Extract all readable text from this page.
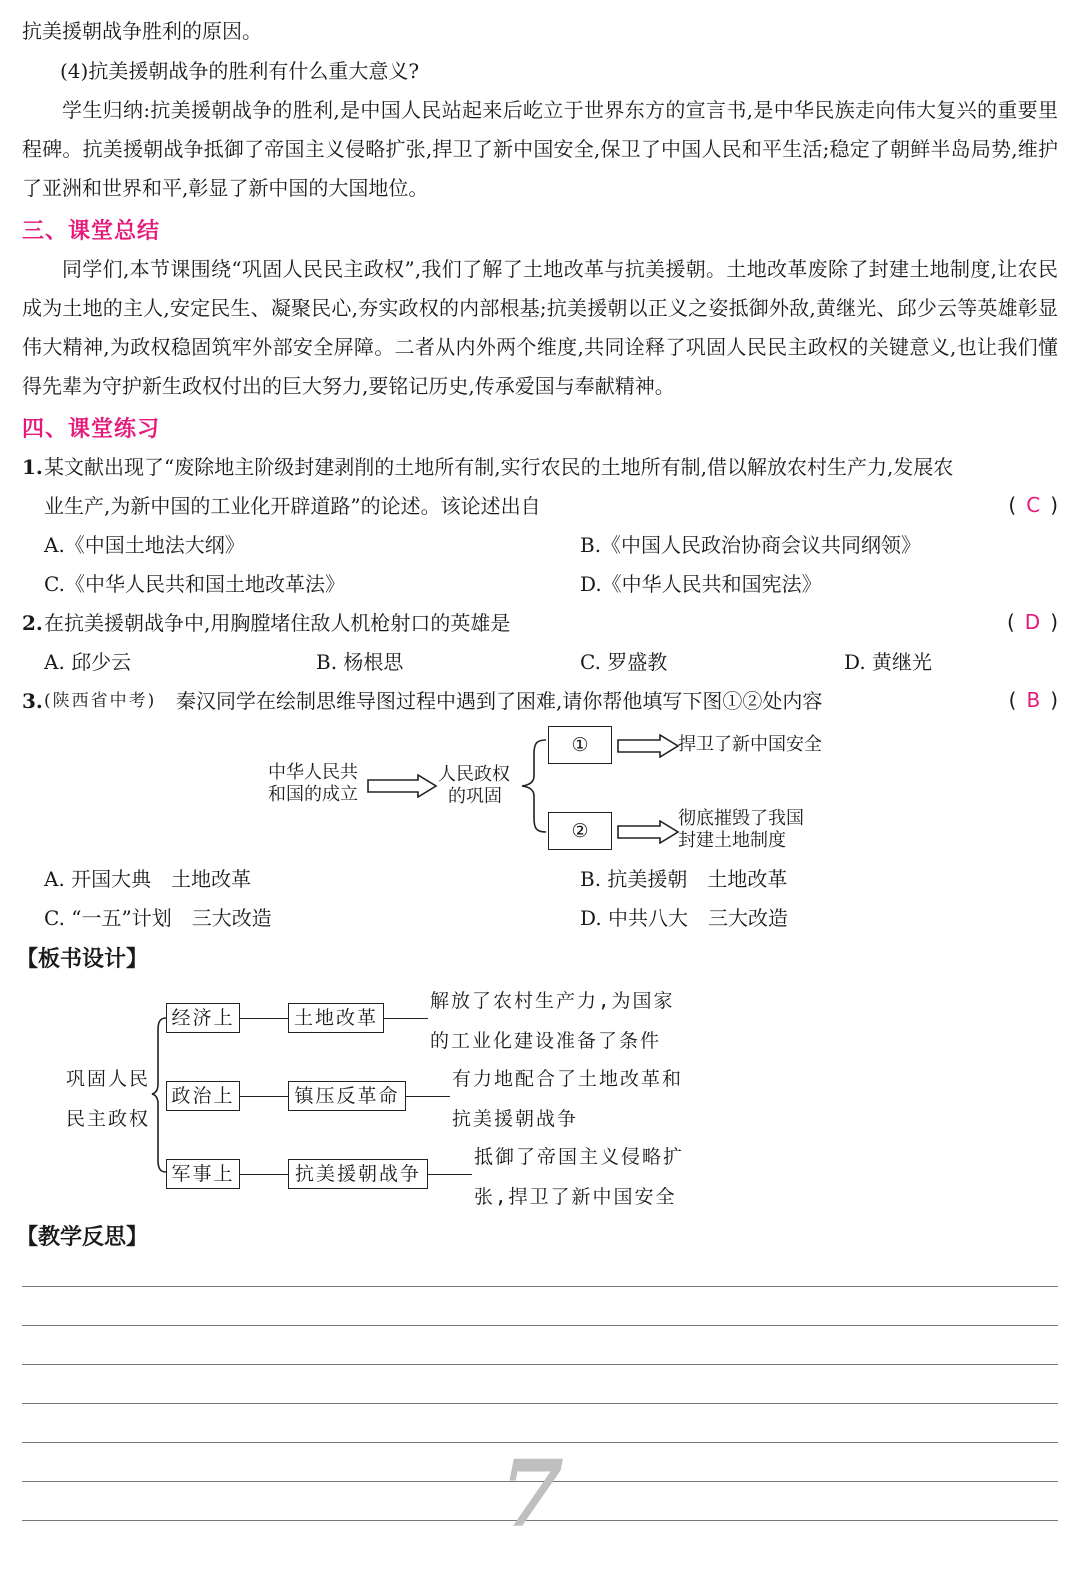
抗美援朝战争胜利的原因。
(4)抗美援朝战争的胜利有什么重大意义?
学生归纳:抗美援朝战争的胜利,是中国人民站起来后屹立于世界东方的宣言书,是中华民族走向伟大复兴的重要里程碑。抗美援朝战争抵御了帝国主义侵略扩张,捍卫了新中国安全,保卫了中国人民和平生活;稳定了朝鲜半岛局势,维护了亚洲和世界和平,彰显了新中国的大国地位。
三、课堂总结
同学们,本节课围绕“巩固人民民主政权”,我们了解了土地改革与抗美援朝。土地改革废除了封建土地制度,让农民成为土地的主人,安定民生、凝聚民心,夯实政权的内部根基;抗美援朝以正义之姿抵御外敌,黄继光、邱少云等英雄彰显伟大精神,为政权稳固筑牢外部安全屏障。二者从内外两个维度,共同诠释了巩固人民民主政权的关键意义,也让我们懂得先辈为守护新生政权付出的巨大努力,要铭记历史,传承爱国与奉献精神。
四、课堂练习
1. 某文献出现了“废除地主阶级封建剥削的土地所有制,实行农民的土地所有制,借以解放农村生产力,发展农
业生产,为新中国的工业化开辟道路”的论述。该论述出自	( C )
A.《中国土地法大纲》	B.《中国人民政治协商会议共同纲领》
C.《中华人民共和国土地改革法》	D.《中华人民共和国宪法》
2. 在抗美援朝战争中,用胸膛堵住敌人机枪射口的英雄是	( D )
A. 邱少云	B. 杨根思	C. 罗盛教	D. 黄继光
3. (陕西省中考) 秦汉同学在绘制思维导图过程中遇到了困难,请你帮他填写下图①②处内容	( B )
中华人民共
和国的成立
人民政权
的巩固
①	捍卫了新中国安全
②
彻底摧毁了我国
封建土地制度
A. 开国大典　土地改革	B. 抗美援朝　土地改革
C. “一五”计划　三大改造	D. 中共八大　三大改造
【板书设计】
巩固人民
民主政权
经济上	土地改革
解放了农村生产力,为国家
的工业化建设准备了条件
政治上	镇压反革命
有力地配合了土地改革和
抗美援朝战争
军事上	抗美援朝战争
抵御了帝国主义侵略扩
张,捍卫了新中国安全
【教学反思】
7
